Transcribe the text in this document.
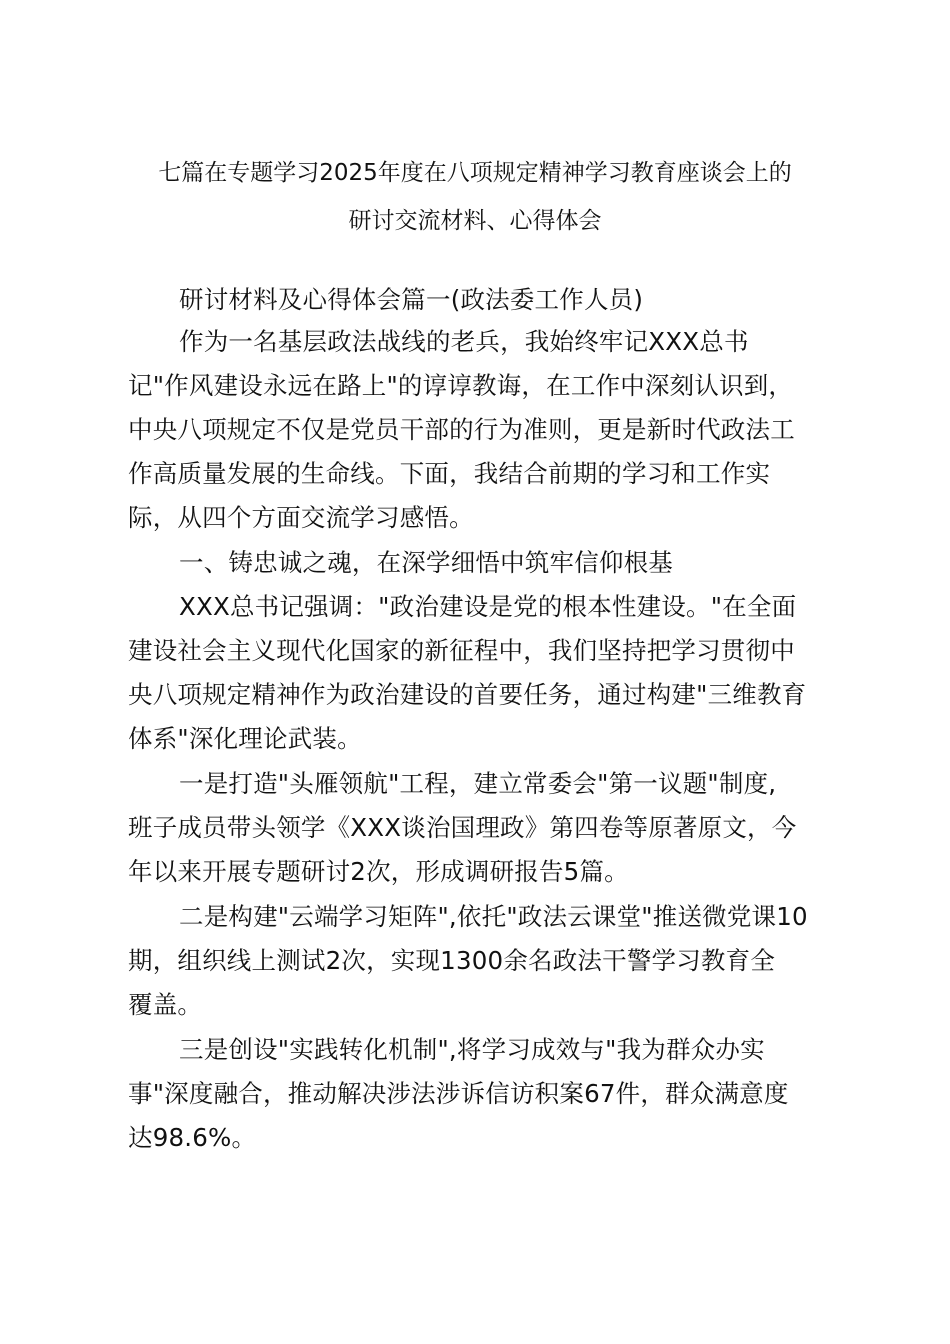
七篇在专题学习2025年度在八项规定精神学习教育座谈会上的
研讨交流材料、心得体会
研讨材料及心得体会篇一(政法委工作人员)
作为一名基层政法战线的老兵，我始终牢记XXX总书
记"作风建设永远在路上"的谆谆教诲，在工作中深刻认识到，
中央八项规定不仅是党员干部的行为准则，更是新时代政法工
作高质量发展的生命线。下面，我结合前期的学习和工作实
际，从四个方面交流学习感悟。
一、铸忠诚之魂，在深学细悟中筑牢信仰根基
XXX总书记强调："政治建设是党的根本性建设。"在全面
建设社会主义现代化国家的新征程中，我们坚持把学习贯彻中
央八项规定精神作为政治建设的首要任务，通过构建"三维教育
体系"深化理论武装。
一是打造"头雁领航"工程，建立常委会"第一议题"制度,
班子成员带头领学《XXX谈治国理政》第四卷等原著原文，今
年以来开展专题研讨2次，形成调研报告5篇。
二是构建"云端学习矩阵",依托"政法云课堂"推送微党课10
期，组织线上测试2次，实现1300余名政法干警学习教育全
覆盖。
三是创设"实践转化机制",将学习成效与"我为群众办实
事"深度融合，推动解决涉法涉诉信访积案67件，群众满意度
达98.6%。
